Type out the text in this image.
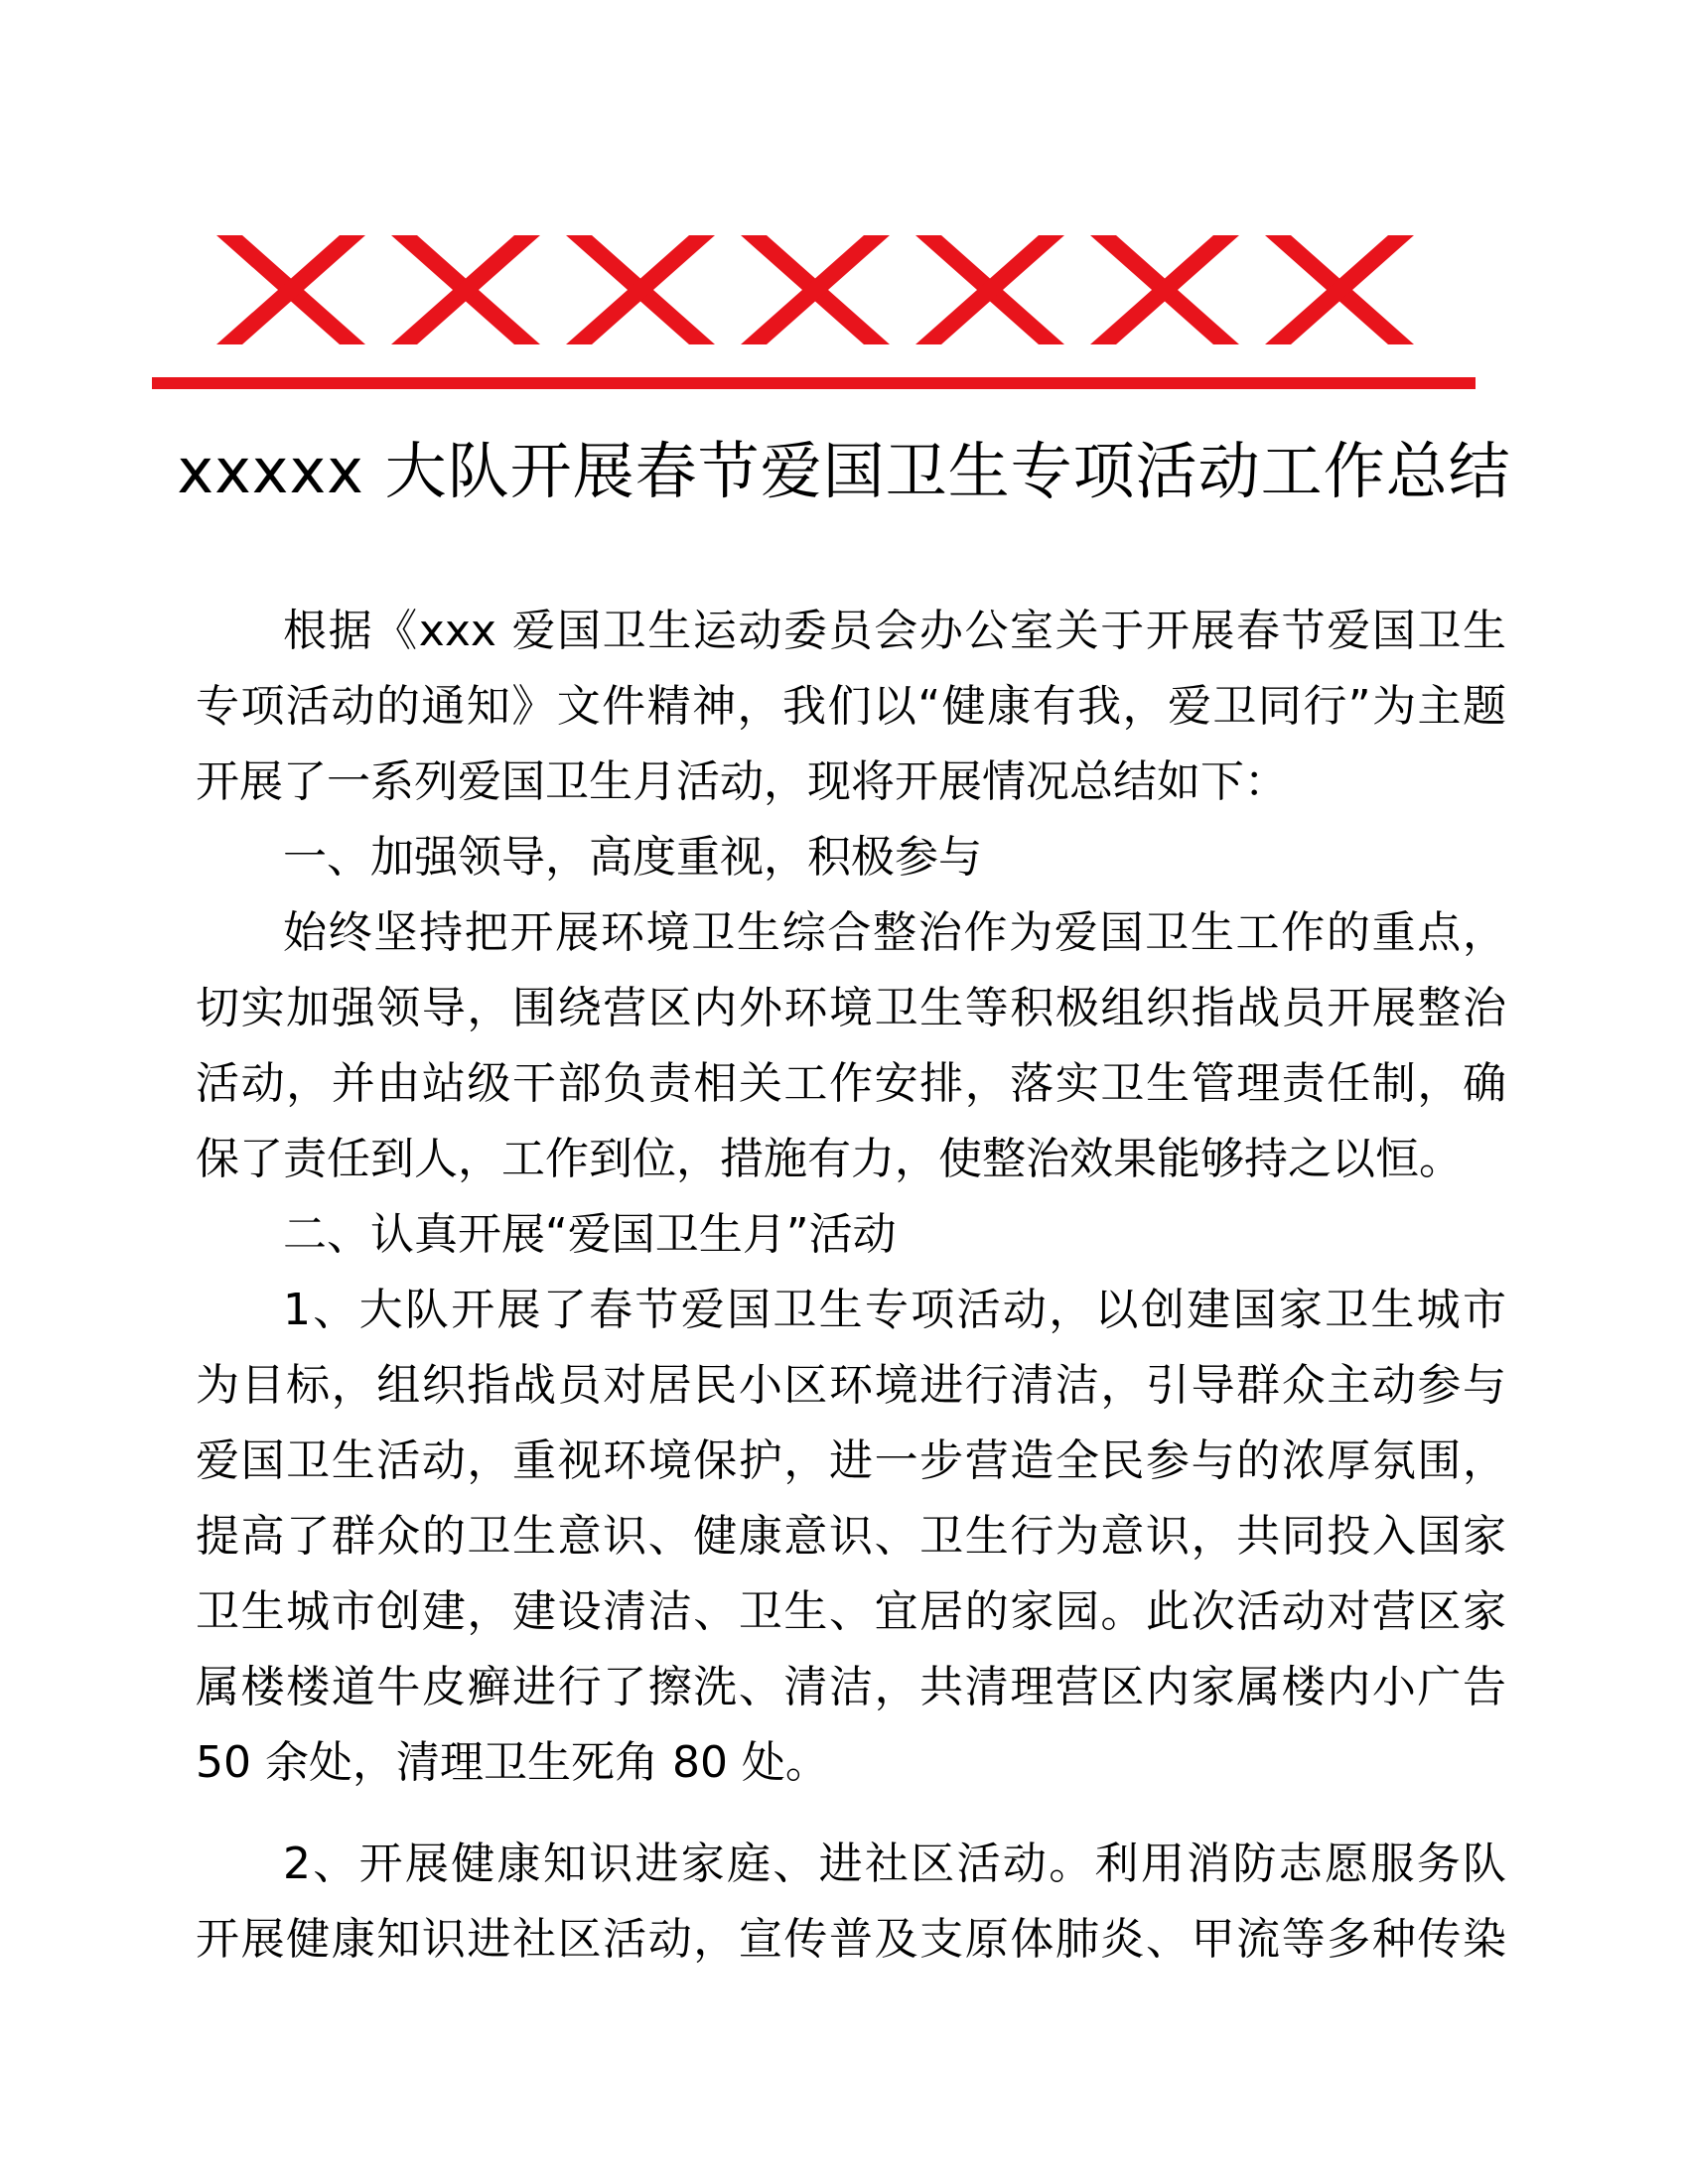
xxxxx 大队开展春节爱国卫生专项活动工作总结
根据《xxx 爱国卫生运动委员会办公室关于开展春节爱国卫生
专项活动的通知》文件精神，我们以“健康有我，爱卫同行”为主题
开展了一系列爱国卫生月活动，现将开展情况总结如下：
一、加强领导，高度重视，积极参与
始终坚持把开展环境卫生综合整治作为爱国卫生工作的重点，
切实加强领导，围绕营区内外环境卫生等积极组织指战员开展整治
活动，并由站级干部负责相关工作安排，落实卫生管理责任制，确
保了责任到人，工作到位，措施有力，使整治效果能够持之以恒。
二、认真开展“爱国卫生月”活动
1、大队开展了春节爱国卫生专项活动，以创建国家卫生城市
为目标，组织指战员对居民小区环境进行清洁，引导群众主动参与
爱国卫生活动，重视环境保护，进一步营造全民参与的浓厚氛围，
提高了群众的卫生意识、健康意识、卫生行为意识，共同投入国家
卫生城市创建，建设清洁、卫生、宜居的家园。此次活动对营区家
属楼楼道牛皮癣进行了擦洗、清洁，共清理营区内家属楼内小广告
50 余处，清理卫生死角 80 处。
2、开展健康知识进家庭、进社区活动。利用消防志愿服务队
开展健康知识进社区活动，宣传普及支原体肺炎、甲流等多种传染
